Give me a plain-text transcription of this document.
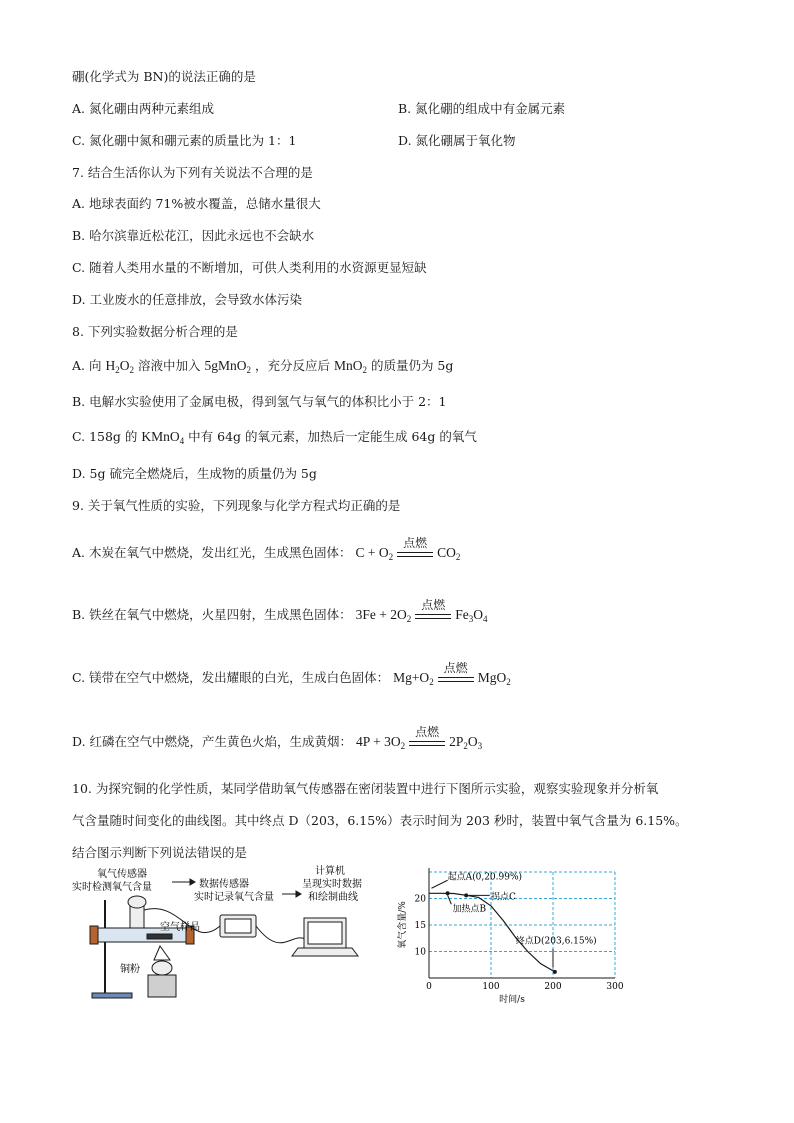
硼(化学式为 BN)的说法正确的是
A. 氮化硼由两种元素组成	B. 氮化硼的组成中有金属元素
C. 氮化硼中氮和硼元素的质量比为 1：1	D. 氮化硼属于氧化物
7. 结合生活你认为下列有关说法不合理的是
A. 地球表面约 71%被水覆盖，总储水量很大
B. 哈尔滨靠近松花江，因此永远也不会缺水
C. 随着人类用水量的不断增加，可供人类利用的水资源更显短缺
D. 工业废水的任意排放，会导致水体污染
8. 下列实验数据分析合理的是
A. 向 $H_2O_2$ 溶液中加入 5gMnO$_2$ ，充分反应后 MnO$_2$ 的质量仍为 5g
B. 电解水实验使用了金属电极，得到氢气与氧气的体积比小于 2：1
C. 158g 的 KMnO$_4$ 中有 64g 的氧元素，加热后一定能生成 64g 的氧气
D. 5g 硫完全燃烧后，生成物的质量仍为 5g
9. 关于氧气性质的实验，下列现象与化学方程式均正确的是
A. 木炭在氧气中燃烧，发出红光，生成黑色固体： $C + O_2$
点燃
$CO_2$
B. 铁丝在氧气中燃烧，火星四射，生成黑色固体： $3Fe + 2O_2$
点燃
$Fe_3O_4$
C. 镁带在空气中燃烧，发出耀眼的白光，生成白色固体： $Mg+O_2$
点燃
MgO$_2$
D. 红磷在空气中燃烧，产生黄色火焰，生成黄烟： $4P + 3O_2$
点燃
$2P_2O_3$
10. 为探究铜的化学性质，某同学借助氧气传感器在密闭装置中进行下图所示实验，观察实验现象并分析氧
气含量随时间变化的曲线图。其中终点 D（203，6.15%）表示时间为 203 秒时，装置中氧气含量为 6.15%。
结合图示判断下列说法错误的是
氧气传感器
实时检测氧气含量	数据传感器
实时记录氧气含量
计算机
呈现实时数据
和绘制曲线
空气样品
铜粉
0	100	200	300
10
15
20
时间/s
氧气含量/%
起点A(0,20.99%)
加热点B
拐点C
终点D(203,6.15%)
